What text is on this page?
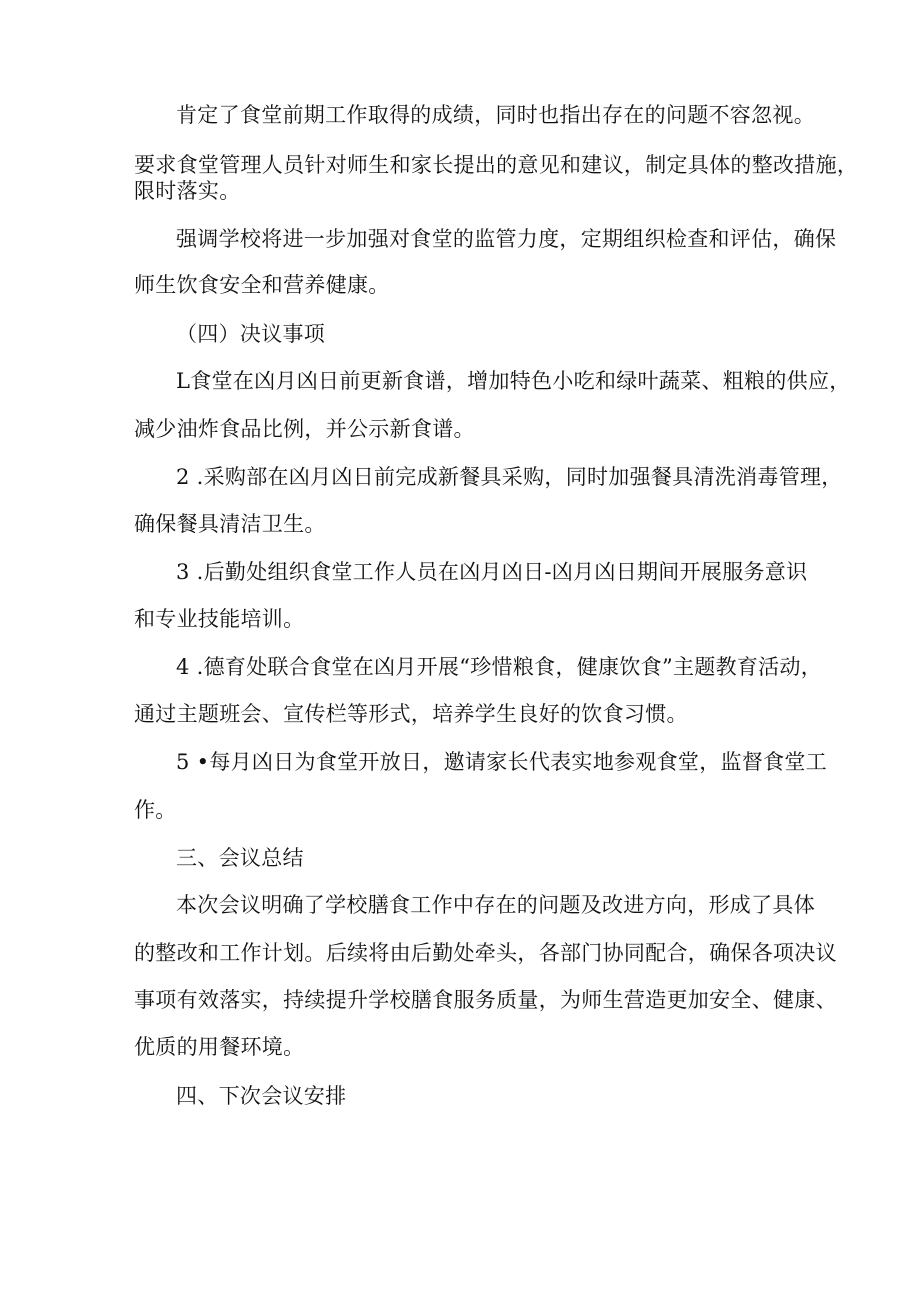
肯定了食堂前期工作取得的成绩，同时也指出存在的问题不容忽视。
要求食堂管理人员针对师生和家长提出的意见和建议，制定具体的整改措施，
限时落实。
强调学校将进一步加强对食堂的监管力度，定期组织检查和评估，确保
师生饮食安全和营养健康。
（四）决议事项
L食堂在凶月凶日前更新食谱，增加特色小吃和绿叶蔬菜、粗粮的供应，
减少油炸食品比例，并公示新食谱。
2 .采购部在凶月凶日前完成新餐具采购，同时加强餐具清洗消毒管理，
确保餐具清洁卫生。
3 .后勤处组织食堂工作人员在凶月凶日-凶月凶日期间开展服务意识
和专业技能培训。
4 .德育处联合食堂在凶月开展“珍惜粮食，健康饮食”主题教育活动，
通过主题班会、宣传栏等形式，培养学生良好的饮食习惯。
5 •每月凶日为食堂开放日，邀请家长代表实地参观食堂，监督食堂工
作。
三、会议总结
本次会议明确了学校膳食工作中存在的问题及改进方向，形成了具体
的整改和工作计划。后续将由后勤处牵头，各部门协同配合，确保各项决议
事项有效落实，持续提升学校膳食服务质量，为师生营造更加安全、健康、
优质的用餐环境。
四、下次会议安排
